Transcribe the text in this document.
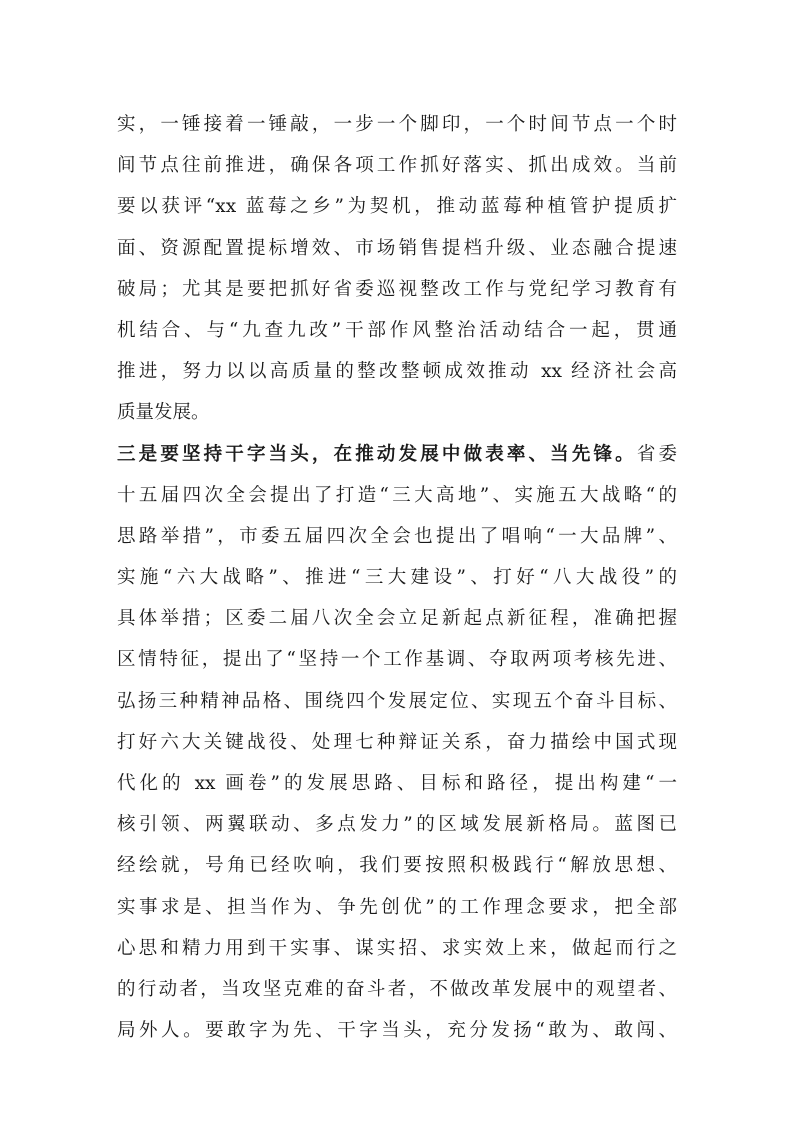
实，一锤接着一锤敲，一步一个脚印，一个时间节点一个时
间节点往前推进，确保各项工作抓好落实、抓出成效。当前
要以获评“xx 蓝莓之乡”为契机，推动蓝莓种植管护提质扩
面、资源配置提标增效、市场销售提档升级、业态融合提速
破局；尤其是要把抓好省委巡视整改工作与党纪学习教育有
机结合、与“九查九改”干部作风整治活动结合一起，贯通
推进，努力以以高质量的整改整顿成效推动 xx 经济社会高
质量发展。
三是要坚持干字当头，在推动发展中做表率、当先锋。省委
十五届四次全会提出了打造“三大高地”、实施五大战略“的
思路举措”，市委五届四次全会也提出了唱响“一大品牌”、
实施“六大战略”、推进“三大建设”、打好“八大战役”的
具体举措；区委二届八次全会立足新起点新征程，准确把握
区情特征，提出了“坚持一个工作基调、夺取两项考核先进、
弘扬三种精神品格、围绕四个发展定位、实现五个奋斗目标、
打好六大关键战役、处理七种辩证关系，奋力描绘中国式现
代化的 xx 画卷”的发展思路、目标和路径，提出构建“一
核引领、两翼联动、多点发力”的区域发展新格局。蓝图已
经绘就，号角已经吹响，我们要按照积极践行“解放思想、
实事求是、担当作为、争先创优”的工作理念要求，把全部
心思和精力用到干实事、谋实招、求实效上来，做起而行之
的行动者，当攻坚克难的奋斗者，不做改革发展中的观望者、
局外人。要敢字为先、干字当头，充分发扬“敢为、敢闯、
